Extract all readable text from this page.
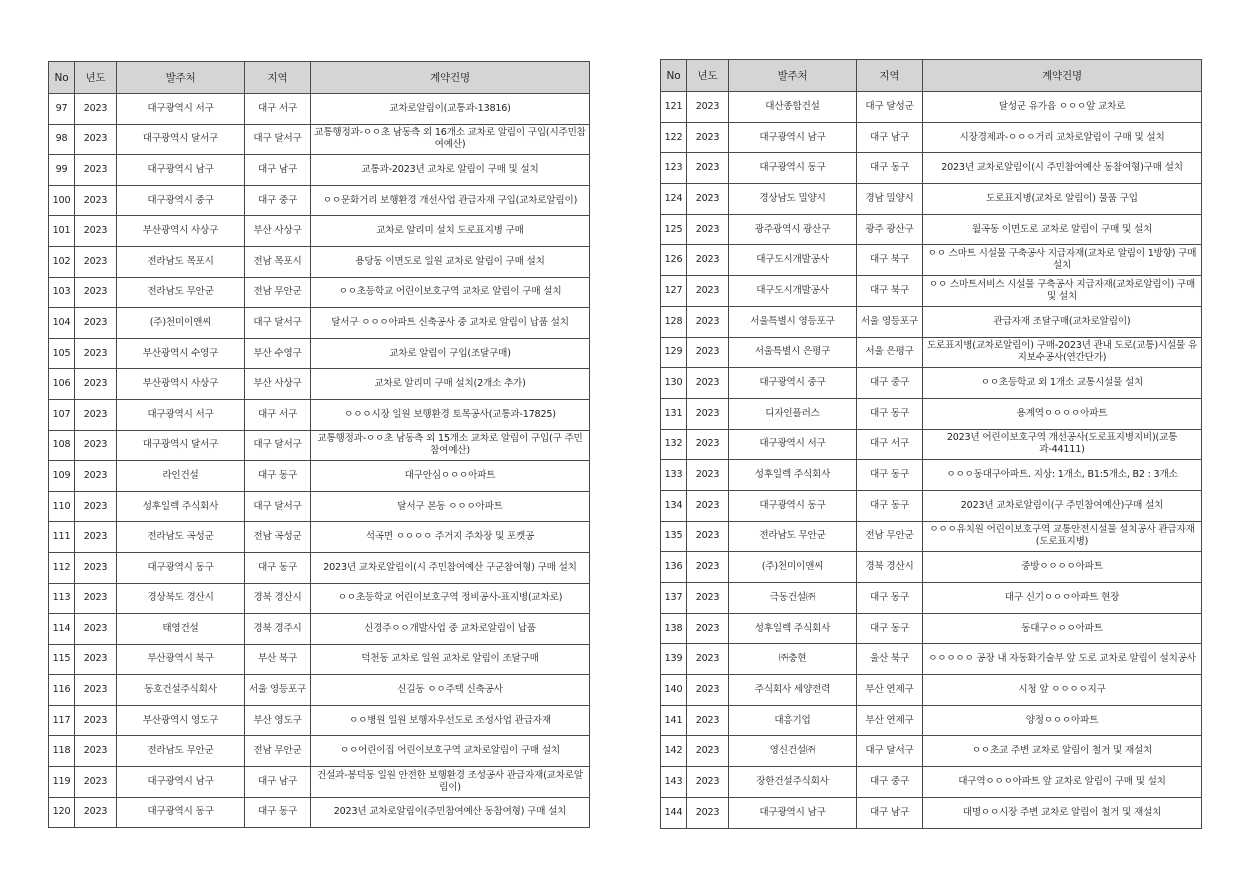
No	년도	발주처	지역	계약건명
97	2023	대구광역시 서구	대구 서구	교차로알림이(교통과-13816)
98	2023	대구광역시 달서구	대구 달서구	교통행정과-ㅇㅇ초 남동측 외 16개소 교차로 알림이 구입(시주민참여예산)
99	2023	대구광역시 남구	대구 남구	교통과-2023년 교차로 알림이 구매 및 설치
100	2023	대구광역시 중구	대구 중구	ㅇㅇ문화거리 보행환경 개선사업 관급자재 구입(교차로알림이)
101	2023	부산광역시 사상구	부산 사상구	교차로 알리미 설치 도로표지병 구매
102	2023	전라남도 목포시	전남 목포시	용당동 이면도로 일원 교차로 알림이 구매 설치
103	2023	전라남도 무안군	전남 무안군	ㅇㅇ초등학교 어린이보호구역 교차로 알림이 구매 설치
104	2023	(주)천미이앤씨	대구 달서구	달서구 ㅇㅇㅇ아파트 신축공사 중 교차로 알림이 납품 설치
105	2023	부산광역시 수영구	부산 수영구	교차로 알림이 구입(조달구매)
106	2023	부산광역시 사상구	부산 사상구	교차로 알리미 구매 설치(2개소 추가)
107	2023	대구광역시 서구	대구 서구	ㅇㅇㅇ시장 일원 보행환경 토목공사(교통과-17825)
108	2023	대구광역시 달서구	대구 달서구	교통행정과-ㅇㅇ초 남동측 외 15개소 교차로 알림이 구입(구 주민참여예산)
109	2023	라인건설	대구 동구	대구안심ㅇㅇㅇ아파트
110	2023	성후일렉 주식회사	대구 달서구	달서구 본동 ㅇㅇㅇ아파트
111	2023	전라남도 곡성군	전남 곡성군	석곡면 ㅇㅇㅇㅇ 주거지 주차장 및 포켓공
112	2023	대구광역시 동구	대구 동구	2023년 교차로알림이(시 주민참여예산 구군참여형) 구매 설치
113	2023	경상북도 경산시	경북 경산시	ㅇㅇ초등학교 어린이보호구역 정비공사-표지병(교차로)
114	2023	태영건설	경북 경주시	신경주ㅇㅇ개발사업 중 교차로알림이 납품
115	2023	부산광역시 북구	부산 북구	덕천동 교차로 일원 교차로 알림이 조달구매
116	2023	동호건설주식회사	서울 영등포구	신길동 ㅇㅇ주택 신축공사
117	2023	부산광역시 영도구	부산 영도구	ㅇㅇ병원 일원 보행자우선도로 조성사업 관급자재
118	2023	전라남도 무안군	전남 무안군	ㅇㅇ어린이집 어린이보호구역 교차로알림이 구매 설치
119	2023	대구광역시 남구	대구 남구	건설과-봉덕동 일원 안전한 보행환경 조성공사 관급자재(교차로알림이)
120	2023	대구광역시 동구	대구 동구	2023년 교차로알림이(주민참여예산 동참여형) 구매 설치
No	년도	발주처	지역	계약건명
121	2023	대산종합건설	대구 달성군	달성군 유가읍 ㅇㅇㅇ앞 교차로
122	2023	대구광역시 남구	대구 남구	시장경제과-ㅇㅇㅇ거리 교차로알림이 구매 및 설치
123	2023	대구광역시 동구	대구 동구	2023년 교차로알림이(시 주민참여예산 동참여형)구매 설치
124	2023	경상남도 밀양시	경남 밀양시	도로표지병(교차로 알림이) 물품 구입
125	2023	광주광역시 광산구	광주 광산구	월곡동 이면도로 교차로 알림이 구매 및 설치
126	2023	대구도시개발공사	대구 북구	ㅇㅇ 스마트 시설물 구축공사 지급자재(교차로 알림이 1방향) 구매 설치
127	2023	대구도시개발공사	대구 북구	ㅇㅇ 스마트서비스 시설물 구축공사 지급자재(교차로알림이) 구매 및 설치
128	2023	서울특별시 영등포구	서울 영등포구	관급자재 조달구매(교차로알림이)
129	2023	서울특별시 은평구	서울 은평구	도로표지병(교차로알림이) 구매-2023년 관내 도로(교통)시설물 유지보수공사(연간단가)
130	2023	대구광역시 중구	대구 중구	ㅇㅇ초등학교 외 1개소 교통시설물 설치
131	2023	디자인플러스	대구 동구	용계역ㅇㅇㅇㅇ아파트
132	2023	대구광역시 서구	대구 서구	2023년 어린이보호구역 개선공사(도로표지병지비)(교통과-44111)
133	2023	성후일렉 주식회사	대구 동구	ㅇㅇㅇ동대구아파트. 지상: 1개소, B1:5개소, B2 : 3개소
134	2023	대구광역시 동구	대구 동구	2023년 교차로알림이(구 주민참여예산)구매 설치
135	2023	전라남도 무안군	전남 무안군	ㅇㅇㅇ유치원 어린이보호구역 교통안전시설물 설치공사 관급자재(도로표지병)
136	2023	(주)천미이앤씨	경북 경산시	중방ㅇㅇㅇㅇ아파트
137	2023	극동건설㈜	대구 동구	대구 신기ㅇㅇㅇ아파트 현장
138	2023	성후일렉 주식회사	대구 동구	동대구ㅇㅇㅇ아파트
139	2023	㈜충현	울산 북구	ㅇㅇㅇㅇㅇ 공장 내 자동화기술부 앞 도로 교차로 알림이 설치공사
140	2023	주식회사 세양전력	부산 연제구	시청 앞 ㅇㅇㅇㅇ지구
141	2023	대흥기업	부산 연제구	양정ㅇㅇㅇ아파트
142	2023	영신건설㈜	대구 달서구	ㅇㅇ초교 주변 교차로 알림이 철거 및 재설치
143	2023	장한건설주식회사	대구 중구	대구역ㅇㅇㅇ아파트 앞 교차로 알림이 구매 및 설치
144	2023	대구광역시 남구	대구 남구	대명ㅇㅇ시장 주변 교차로 알림이 철거 및 재설치
